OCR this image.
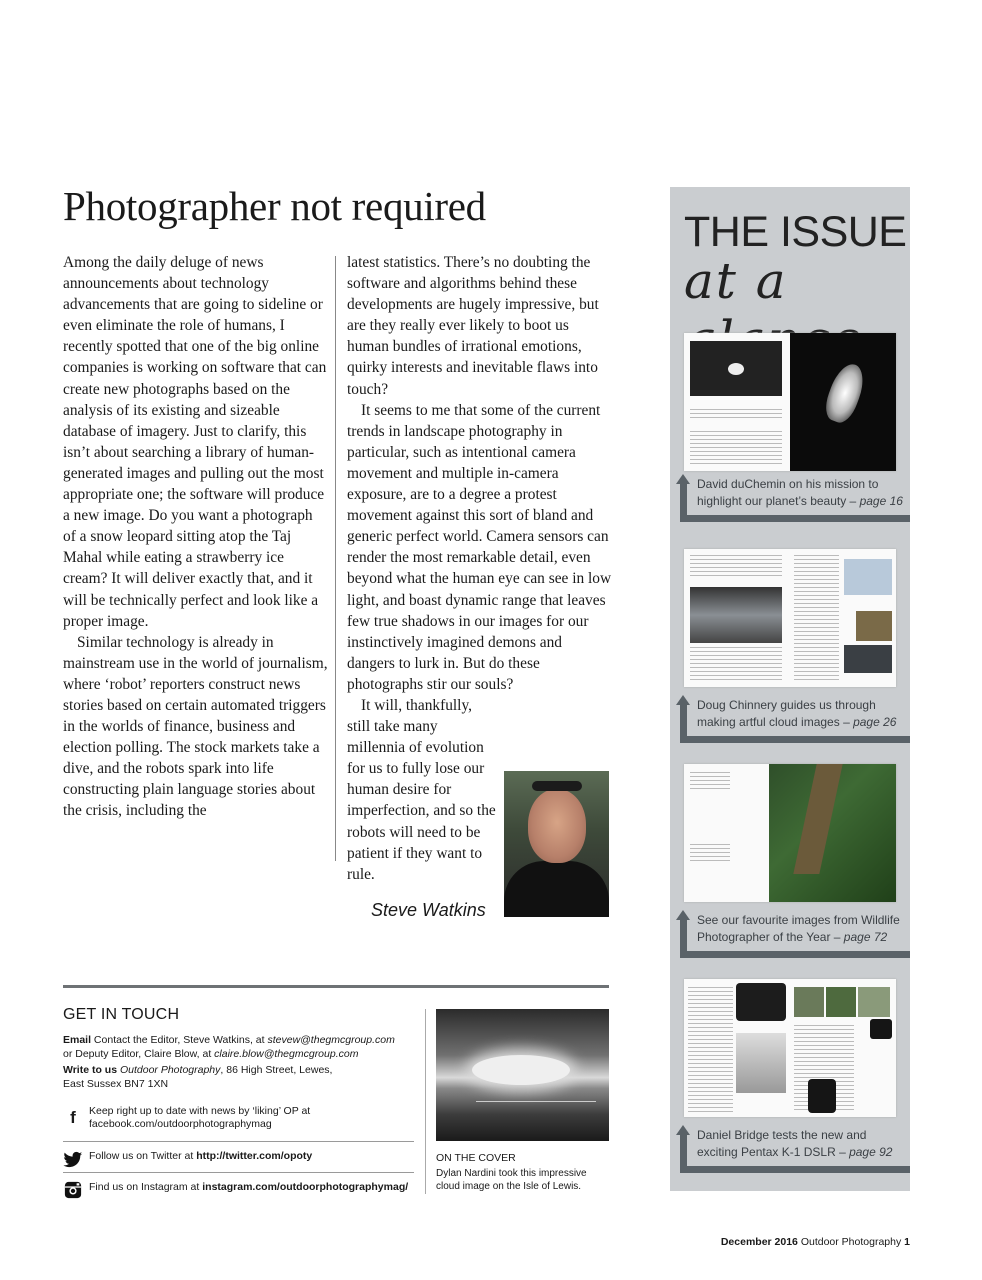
Photographer not required

Among the daily deluge of news announcements about technology advancements that are going to sideline or even eliminate the role of humans, I recently spotted that one of the big online companies is working on software that can create new photographs based on the analysis of its existing and sizeable database of imagery. Just to clarify, this isn’t about searching a library of human-generated images and pulling out the most appropriate one; the software will produce a new image. Do you want a photograph of a snow leopard sitting atop the Taj Mahal while eating a strawberry ice cream? It will deliver exactly that, and it will be technically perfect and look like a proper image.

Similar technology is already in mainstream use in the world of journalism, where ‘robot’ reporters construct news stories based on certain automated triggers in the worlds of finance, business and election polling. The stock markets take a dive, and the robots spark into life constructing plain language stories about the crisis, including the

latest statistics. There’s no doubting the software and algorithms behind these developments are hugely impressive, but are they really ever likely to boot us human bundles of irrational emotions, quirky interests and inevitable flaws into touch?

It seems to me that some of the current trends in landscape photography in particular, such as intentional camera movement and multiple in-camera exposure, are to a degree a protest movement against this sort of bland and generic perfect world. Camera sensors can render the most remarkable detail, even beyond what the human eye can see in low light, and boast dynamic range that leaves few true shadows in our images for our instinctively imagined demons and dangers to lurk in. But do these photographs stir our souls?

It will, thankfully, still take many millennia of evolution for us to fully lose our human desire for imperfection, and so the robots will need to be patient if they want to rule.

Steve Watkins
GET IN TOUCH
Email Contact the Editor, Steve Watkins, at stevew@thegmcgroup.com
or Deputy Editor, Claire Blow, at claire.blow@thegmcgroup.com
Write to us Outdoor Photography, 86 High Street, Lewes,
East Sussex BN7 1XN
f	Keep right up to date with news by ‘liking’ OP at
facebook.com/outdoorphotographymag
Follow us on Twitter at http://twitter.com/opoty
Find us on Instagram at instagram.com/outdoorphotographymag/
ON THE COVER
Dylan Nardini took this impressive cloud image on the Isle of Lewis.
THE ISSUE
at a
David duChemin on his mission to highlight our planet’s beauty – page 16
Doug Chinnery guides us through making artful cloud images – page 26
See our favourite images from Wildlife Photographer of the Year – page 72
Daniel Bridge tests the new and exciting Pentax K-1 DSLR – page 92
December 2016 Outdoor Photography 1
